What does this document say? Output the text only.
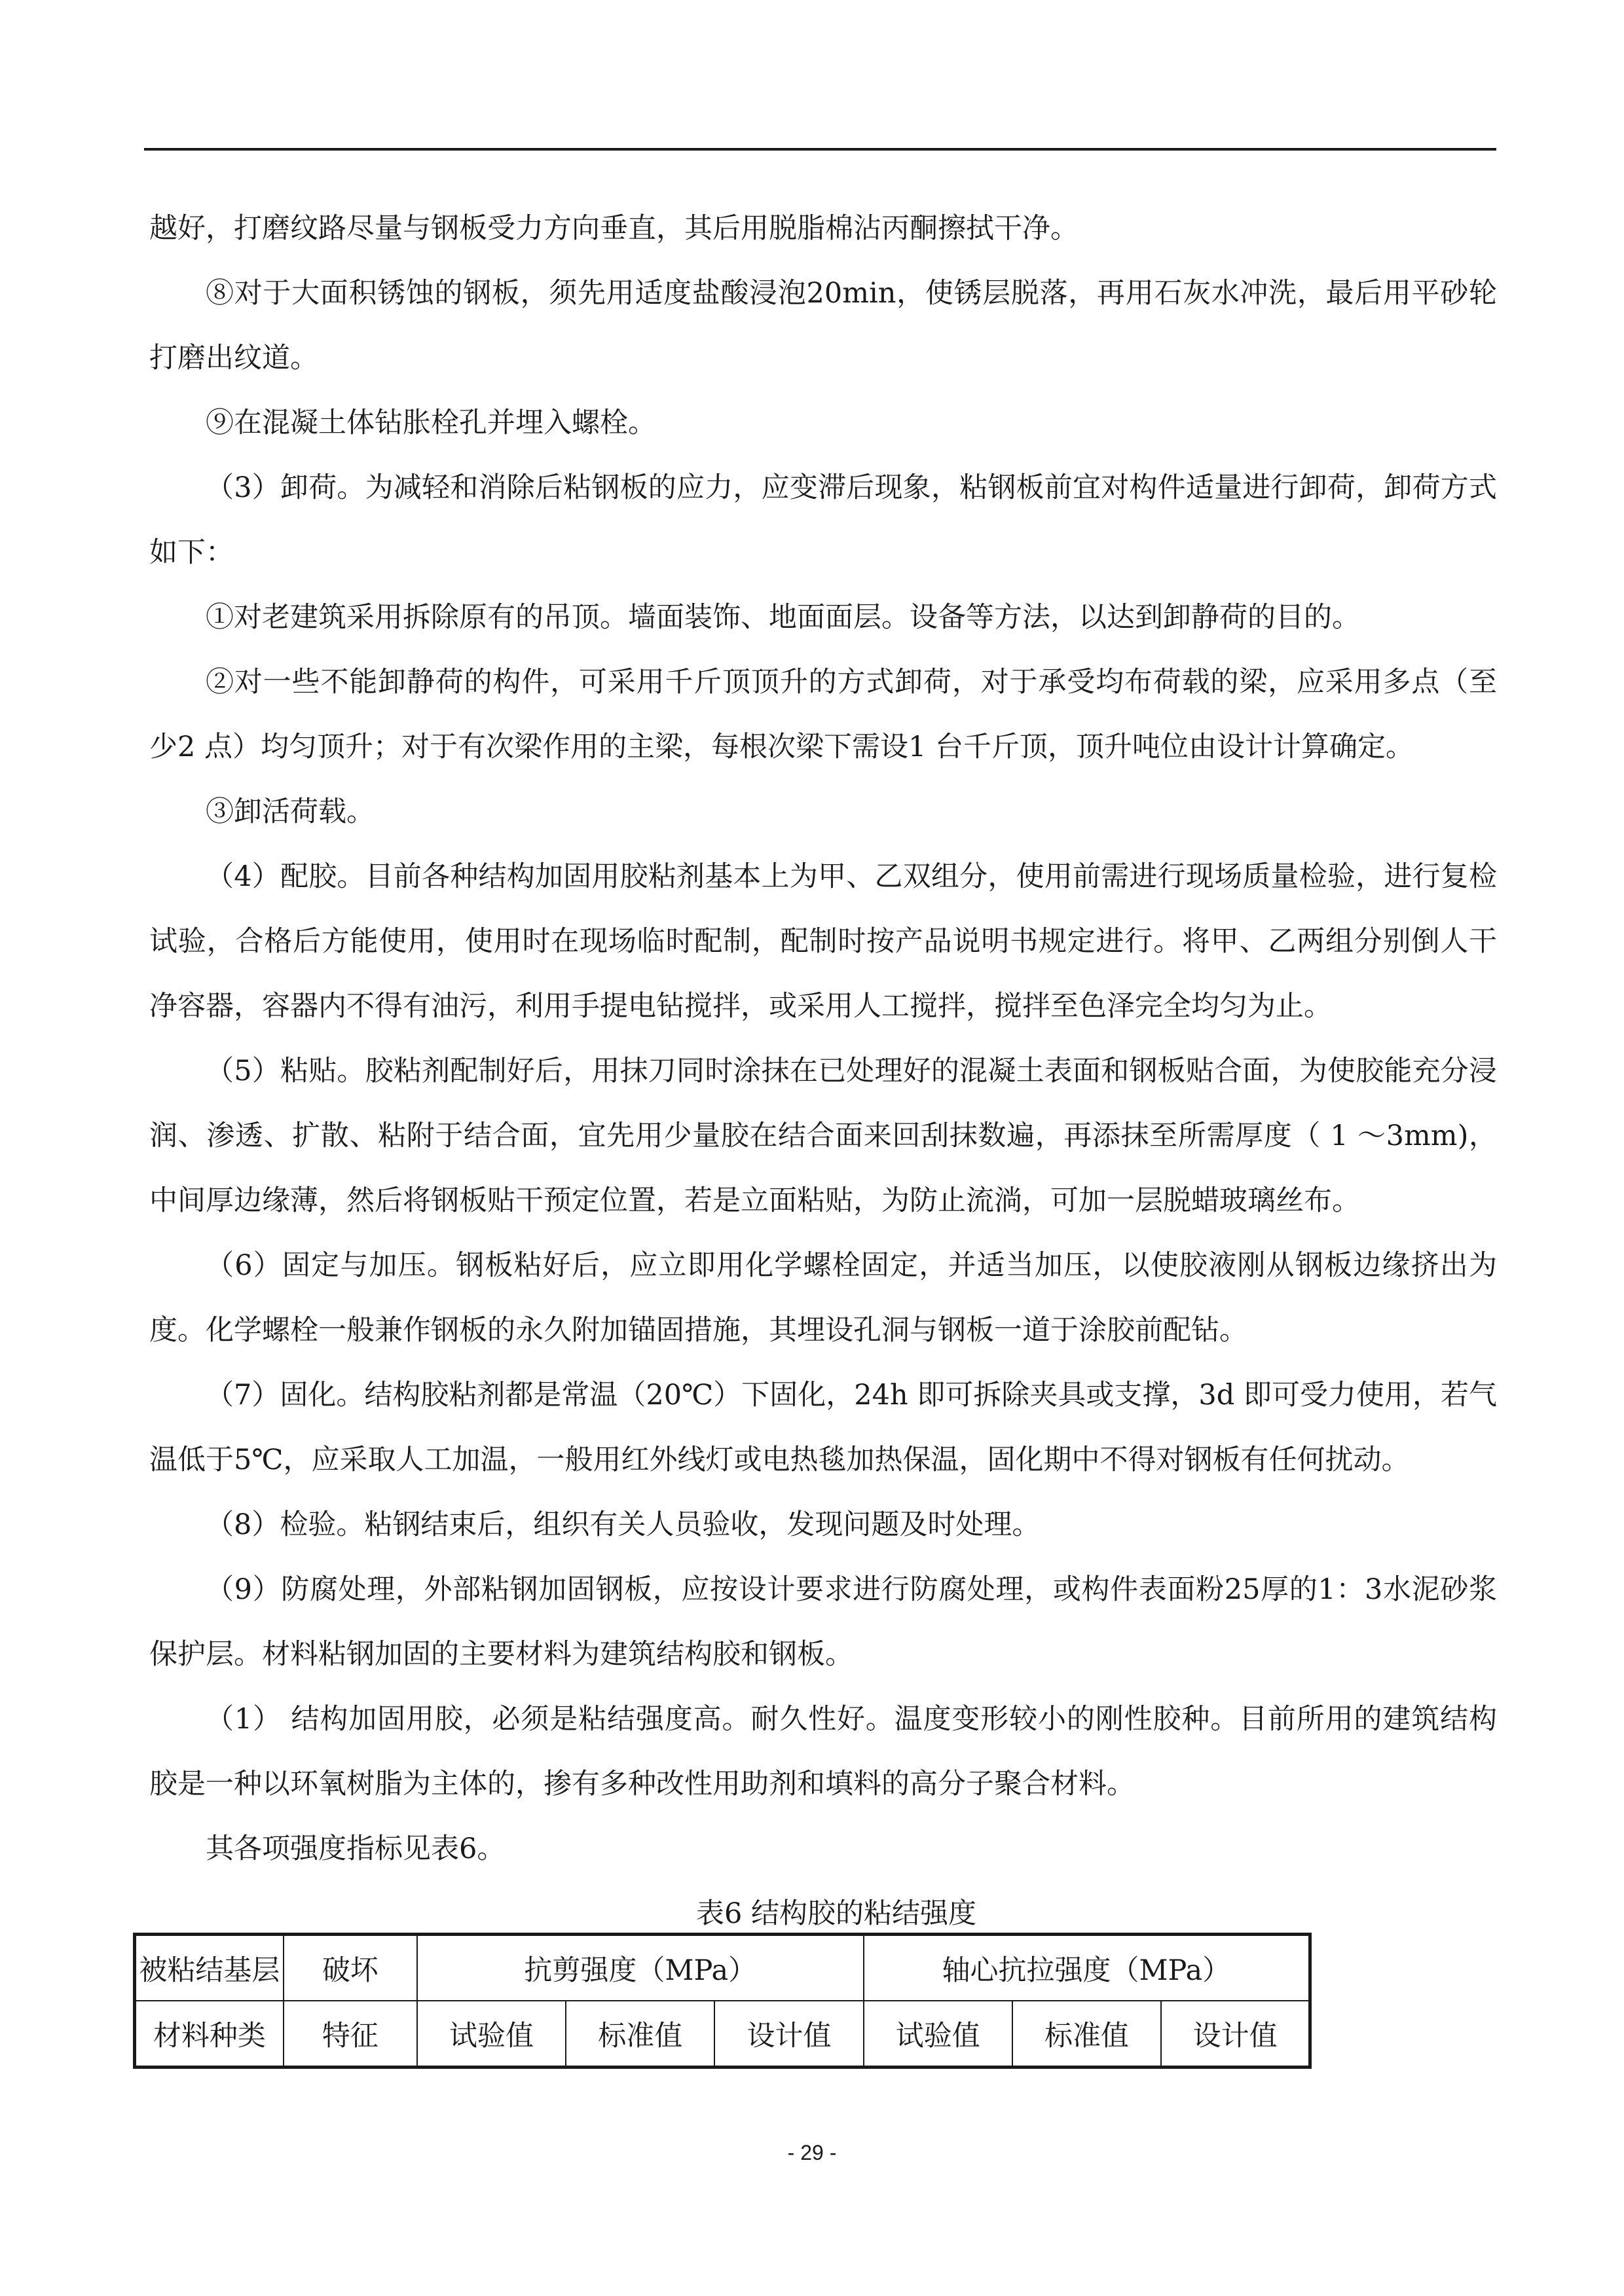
越好，打磨纹路尽量与钢板受力方向垂直，其后用脱脂棉沾丙酮擦拭干净。

⑧对于大面积锈蚀的钢板，须先用适度盐酸浸泡20min，使锈层脱落，再用石灰水冲洗，最后用平砂轮打磨出纹道。

⑨在混凝土体钻胀栓孔并埋入螺栓。

（3）卸荷。为减轻和消除后粘钢板的应力，应变滞后现象，粘钢板前宜对构件适量进行卸荷，卸荷方式如下：

①对老建筑采用拆除原有的吊顶。墙面装饰、地面面层。设备等方法，以达到卸静荷的目的。

②对一些不能卸静荷的构件，可采用千斤顶顶升的方式卸荷，对于承受均布荷载的梁，应采用多点（至少2 点）均匀顶升；对于有次梁作用的主梁，每根次梁下需设1 台千斤顶，顶升吨位由设计计算确定。

③卸活荷载。

（4）配胶。目前各种结构加固用胶粘剂基本上为甲、乙双组分，使用前需进行现场质量检验，进行复检试验，合格后方能使用，使用时在现场临时配制，配制时按产品说明书规定进行。将甲、乙两组分别倒人干净容器，容器内不得有油污，利用手提电钻搅拌，或采用人工搅拌，搅拌至色泽完全均匀为止。

（5）粘贴。胶粘剂配制好后，用抹刀同时涂抹在已处理好的混凝土表面和钢板贴合面，为使胶能充分浸润、渗透、扩散、粘附于结合面，宜先用少量胶在结合面来回刮抹数遍，再添抹至所需厚度（ 1 ～3mm)，中间厚边缘薄，然后将钢板贴干预定位置，若是立面粘贴，为防止流淌，可加一层脱蜡玻璃丝布。

（6）固定与加压。钢板粘好后，应立即用化学螺栓固定，并适当加压，以使胶液刚从钢板边缘挤出为度。化学螺栓一般兼作钢板的永久附加锚固措施，其埋设孔洞与钢板一道于涂胶前配钻。

（7）固化。结构胶粘剂都是常温（20℃）下固化，24h 即可拆除夹具或支撑，3d 即可受力使用，若气温低于5℃，应采取人工加温，一般用红外线灯或电热毯加热保温，固化期中不得对钢板有任何扰动。

（8）检验。粘钢结束后，组织有关人员验收，发现问题及时处理。

（9）防腐处理，外部粘钢加固钢板，应按设计要求进行防腐处理，或构件表面粉25厚的1：3水泥砂浆保护层。材料粘钢加固的主要材料为建筑结构胶和钢板。

（1） 结构加固用胶，必须是粘结强度高。耐久性好。温度变形较小的刚性胶种。目前所用的建筑结构胶是一种以环氧树脂为主体的，掺有多种改性用助剂和填料的高分子聚合材料。

其各项强度指标见表6。

表6 结构胶的粘结强度

被粘结基层	破坏	抗剪强度（MPa）			轴心抗拉强度（MPa）		
材料种类	特征	试验值	标准值	设计值	试验值	标准值	设计值
- 29 -
